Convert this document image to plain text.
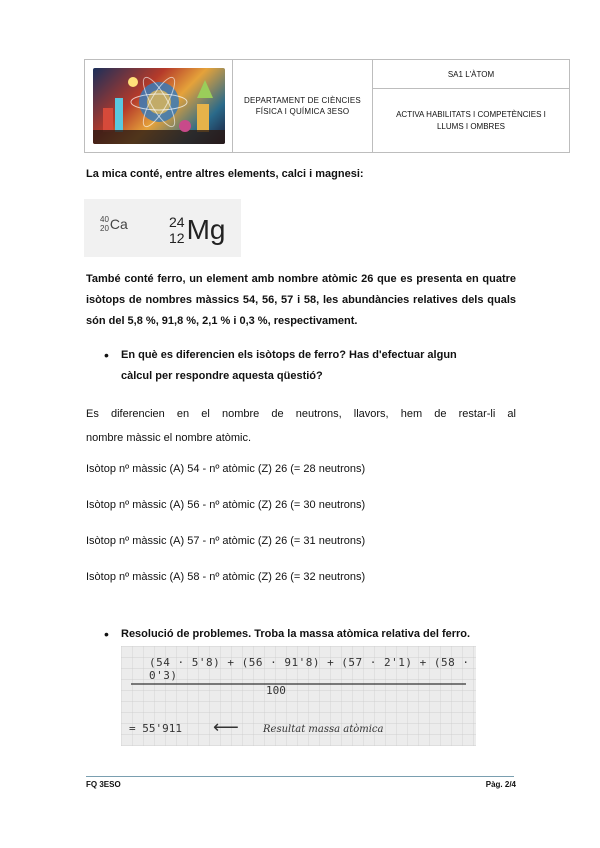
DEPARTAMENT DE CIÈNCIES
FÍSICA I QUÍMICA 3ESO
SA1 L'ÀTOM
ACTIVA HABILITATS I COMPETÈNCIES I
LLUMS I OMBRES
La mica conté, entre altres elements, calci i magnesi:
40
20 Ca	24
12 Mg
També conté ferro, un element amb nombre atòmic 26 que es presenta en quatre isòtops de nombres màssics 54, 56, 57 i 58, les abundàncies relatives dels quals són del 5,8 %, 91,8 %, 2,1 % i 0,3 %, respectivament.
• En què es diferencien els isòtops de ferro? Has d'efectuar algun
càlcul per respondre aquesta qüestió?
Es diferencien en el nombre de neutrons, llavors, hem de restar-li al
nombre màssic el nombre atòmic.
Isòtop nº màssic (A) 54 - nº atòmic (Z) 26 (= 28 neutrons)
Isòtop nº màssic (A) 56 - nº atòmic (Z) 26 (= 30 neutrons)
Isòtop nº màssic (A) 57 - nº atòmic (Z) 26 (= 31 neutrons)
Isòtop nº màssic (A) 58 - nº atòmic (Z) 26 (= 32 neutrons)
• Resolució de problemes. Troba la massa atòmica relativa del ferro.
(54 · 5'8) + (56 · 91'8) + (57 · 2'1) + (58 · 0'3)
100
= 55'911 ⟵ Resultat massa atòmica
FQ 3ESO	Pàg. 2/4
